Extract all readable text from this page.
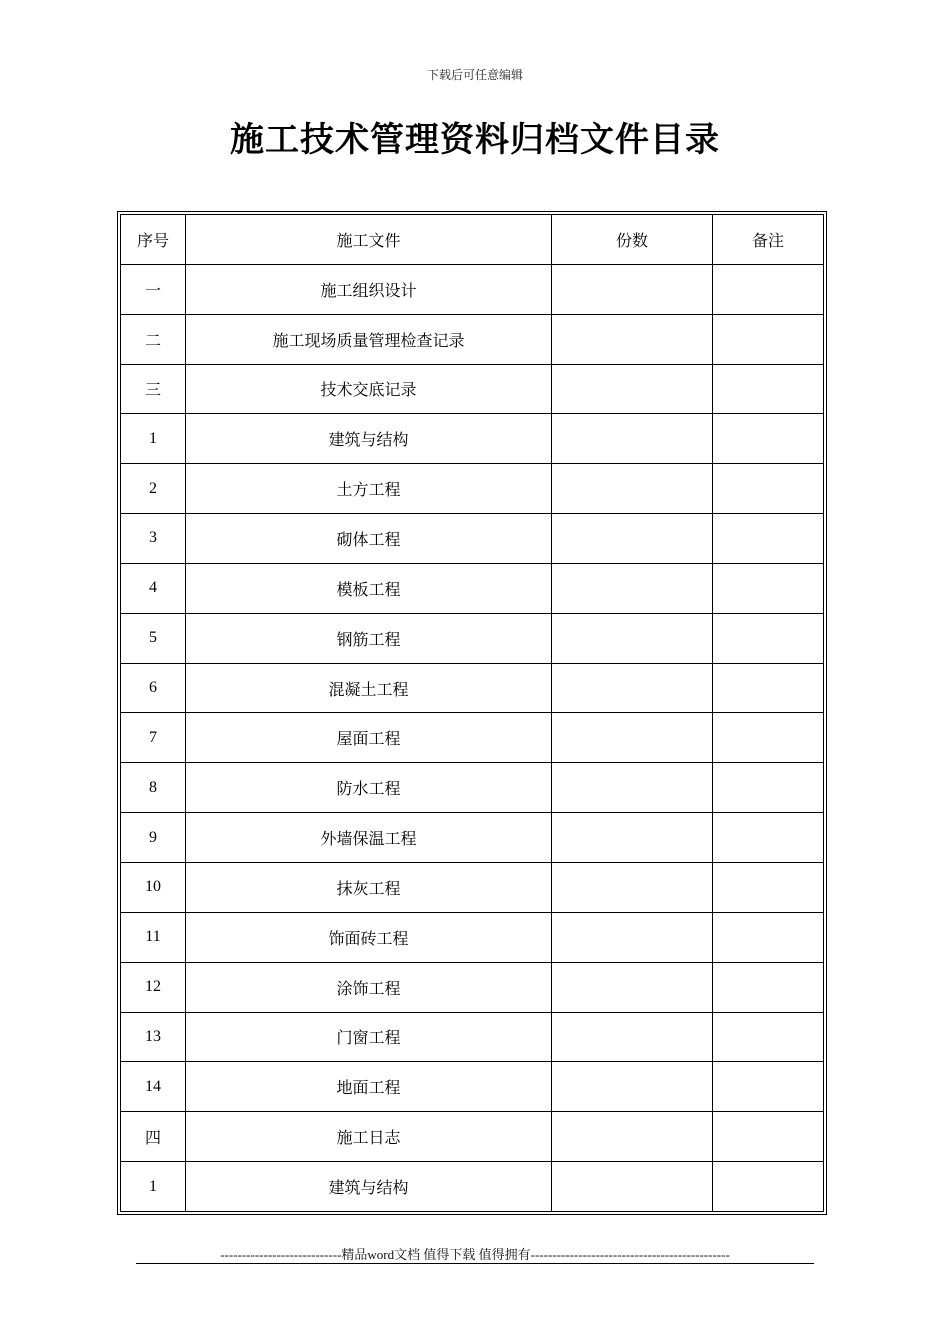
下载后可任意编辑
施工技术管理资料归档文件目录
序号	施工文件	份数	备注
一	施工组织设计		
二	施工现场质量管理检查记录		
三	技术交底记录		
1	建筑与结构		
2	土方工程		
3	砌体工程		
4	模板工程		
5	钢筋工程		
6	混凝土工程		
7	屋面工程		
8	防水工程		
9	外墙保温工程		
10	抹灰工程		
11	饰面砖工程		
12	涂饰工程		
13	门窗工程		
14	地面工程		
四	施工日志		
1	建筑与结构		
----------------------------精品word文档 值得下载 值得拥有----------------------------------------------
